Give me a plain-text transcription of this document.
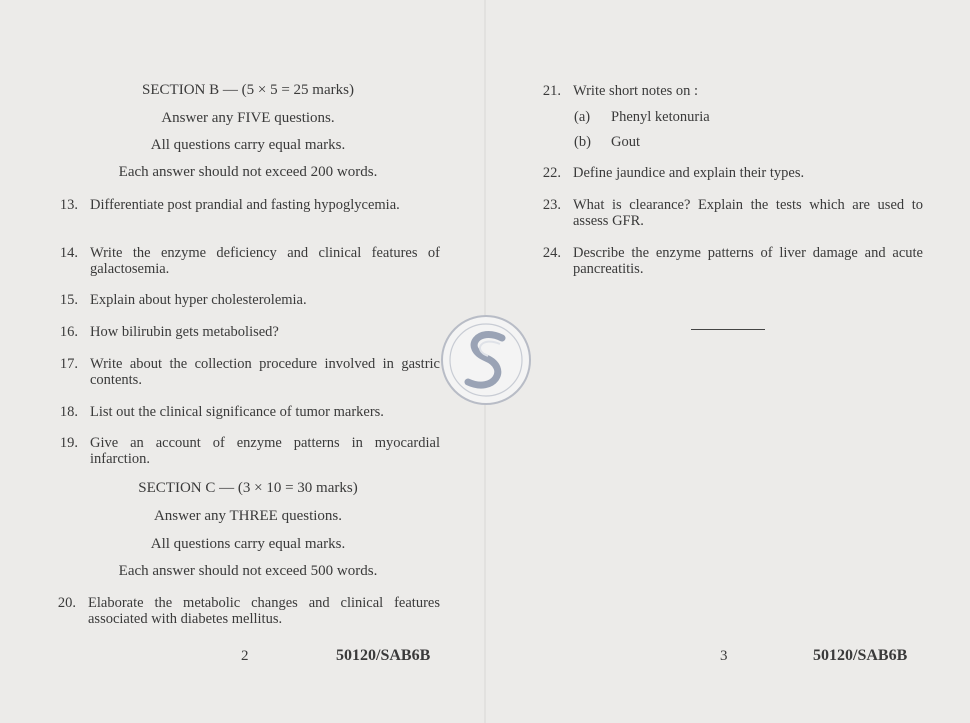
SECTION B — (5 × 5 = 25 marks)
Answer any FIVE questions.
All questions carry equal marks.
Each answer should not exceed 200 words.
13. Differentiate post prandial and fasting hypoglycemia.
14. Write the enzyme deficiency and clinical features of galactosemia.
15. Explain about hyper cholesterolemia.
16. How bilirubin gets metabolised?
17. Write about the collection procedure involved in gastric contents.
18. List out the clinical significance of tumor markers.
19. Give an account of enzyme patterns in myocardial infarction.
SECTION C — (3 × 10 = 30 marks)
Answer any THREE questions.
All questions carry equal marks.
Each answer should not exceed 500 words.
20. Elaborate the metabolic changes and clinical features associated with diabetes mellitus.
2	50120/SAB6B
21. Write short notes on :
(a) Phenyl ketonuria
(b) Gout
22. Define jaundice and explain their types.
23. What is clearance? Explain the tests which are used to assess GFR.
24. Describe the enzyme patterns of liver damage and acute pancreatitis.
3	50120/SAB6B
